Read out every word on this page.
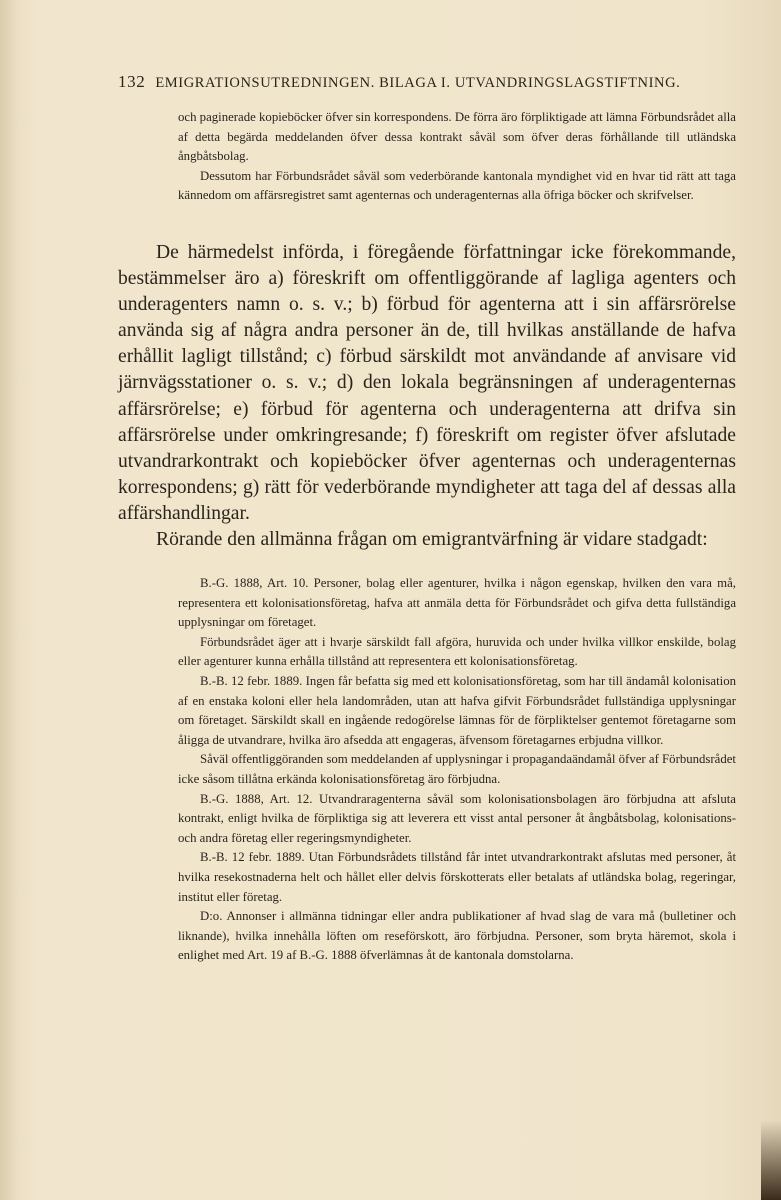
132 EMIGRATIONSUTREDNINGEN. BILAGA I. UTVANDRINGSLAGSTIFTNING.

och paginerade kopieböcker öfver sin korrespondens. De förra äro förpliktigade att lämna Förbundsrådet alla af detta begärda meddelanden öfver dessa kontrakt såväl som öfver deras förhållande till utländska ångbåtsbolag.

Dessutom har Förbundsrådet såväl som vederbörande kantonala myndighet vid en hvar tid rätt att taga kännedom om affärsregistret samt agenternas och underagenternas alla öfriga böcker och skrifvelser.

De härmedelst införda, i föregående författningar icke förekommande, bestämmelser äro a) föreskrift om offentliggörande af lagliga agenters och underagenters namn o. s. v.; b) förbud för agenterna att i sin affärsrörelse använda sig af några andra personer än de, till hvilkas anställande de hafva erhållit lagligt tillstånd; c) förbud särskildt mot användande af anvisare vid järnvägsstationer o. s. v.; d) den lokala begränsningen af underagenternas affärsrörelse; e) förbud för agenterna och underagenterna att drifva sin affärsrörelse under omkringresande; f) föreskrift om register öfver afslutade utvandrarkontrakt och kopieböcker öfver agenternas och underagenternas korrespondens; g) rätt för vederbörande myndigheter att taga del af dessas alla affärshandlingar.

Rörande den allmänna frågan om emigrantvärfning är vidare stadgadt:

B.-G. 1888, Art. 10. Personer, bolag eller agenturer, hvilka i någon egenskap, hvilken den vara må, representera ett kolonisationsföretag, hafva att anmäla detta för Förbundsrådet och gifva detta fullständiga upplysningar om företaget.

Förbundsrådet äger att i hvarje särskildt fall afgöra, huruvida och under hvilka villkor enskilde, bolag eller agenturer kunna erhålla tillstånd att representera ett kolonisationsföretag.

B.-B. 12 febr. 1889. Ingen får befatta sig med ett kolonisationsföretag, som har till ändamål kolonisation af en enstaka koloni eller hela landområden, utan att hafva gifvit Förbundsrådet fullständiga upplysningar om företaget. Särskildt skall en ingående redogörelse lämnas för de förpliktelser gentemot företagarne som åligga de utvandrare, hvilka äro afsedda att engageras, äfvensom företagarnes erbjudna villkor.

Såväl offentliggöranden som meddelanden af upplysningar i propagandaändamål öfver af Förbundsrådet icke såsom tillåtna erkända kolonisationsföretag äro förbjudna.

B.-G. 1888, Art. 12. Utvandraragenterna såväl som kolonisationsbolagen äro förbjudna att afsluta kontrakt, enligt hvilka de förpliktiga sig att leverera ett visst antal personer åt ångbåtsbolag, kolonisations- och andra företag eller regeringsmyndigheter.

B.-B. 12 febr. 1889. Utan Förbundsrådets tillstånd får intet utvandrarkontrakt afslutas med personer, åt hvilka resekostnaderna helt och hållet eller delvis förskotterats eller betalats af utländska bolag, regeringar, institut eller företag.

D:o. Annonser i allmänna tidningar eller andra publikationer af hvad slag de vara må (bulletiner och liknande), hvilka innehålla löften om reseförskott, äro förbjudna. Personer, som bryta häremot, skola i enlighet med Art. 19 af B.-G. 1888 öfverlämnas åt de kantonala domstolarna.
